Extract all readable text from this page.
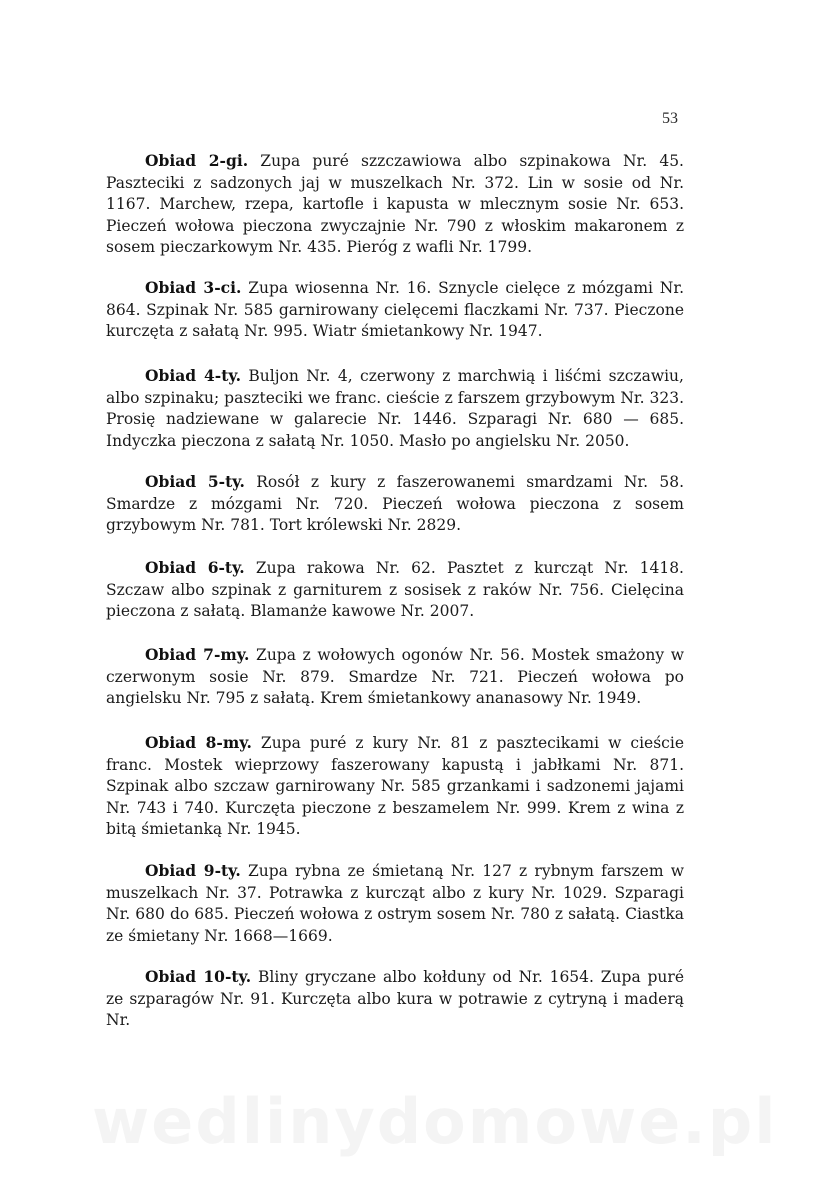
53
Obiad 2-gi. Zupa puré szzczawiowa albo szpinakowa Nr. 45. Paszteciki z sadzonych jaj w muszelkach Nr. 372. Lin w sosie od Nr. 1167. Marchew, rzepa, kartofle i kapusta w mlecznym sosie Nr. 653. Pieczeń wołowa pieczona zwyczajnie Nr. 790 z włoskim makaronem z sosem pieczarkowym Nr. 435. Pieróg z wafli Nr. 1799.
Obiad 3-ci. Zupa wiosenna Nr. 16. Sznycle cielęce z mózgami Nr. 864. Szpinak Nr. 585 garnirowany cielęcemi flaczkami Nr. 737. Pieczone kurczęta z sałatą Nr. 995. Wiatr śmietankowy Nr. 1947.
Obiad 4-ty. Buljon Nr. 4, czerwony z marchwią i liśćmi szczawiu, albo szpinaku; paszteciki we franc. cieście z farszem grzybowym Nr. 323. Prosię nadziewane w galarecie Nr. 1446. Szparagi Nr. 680 — 685. Indyczka pieczona z sałatą Nr. 1050. Masło po angielsku Nr. 2050.
Obiad 5-ty. Rosół z kury z faszerowanemi smardzami Nr. 58. Smardze z mózgami Nr. 720. Pieczeń wołowa pieczona z sosem grzybowym Nr. 781. Tort królewski Nr. 2829.
Obiad 6-ty. Zupa rakowa Nr. 62. Pasztet z kurcząt Nr. 1418. Szczaw albo szpinak z garniturem z sosisek z raków Nr. 756. Cielęcina pieczona z sałatą. Blamanże kawowe Nr. 2007.
Obiad 7-my. Zupa z wołowych ogonów Nr. 56. Mostek smażony w czerwonym sosie Nr. 879. Smardze Nr. 721. Pieczeń wołowa po angielsku Nr. 795 z sałatą. Krem śmietankowy ananasowy Nr. 1949.
Obiad 8-my. Zupa puré z kury Nr. 81 z pasztecikami w cieście franc. Mostek wieprzowy faszerowany kapustą i jabłkami Nr. 871. Szpinak albo szczaw garnirowany Nr. 585 grzankami i sadzonemi jajami Nr. 743 i 740. Kurczęta pieczone z beszamelem Nr. 999. Krem z wina z bitą śmietanką Nr. 1945.
Obiad 9-ty. Zupa rybna ze śmietaną Nr. 127 z rybnym farszem w muszelkach Nr. 37. Potrawka z kurcząt albo z kury Nr. 1029. Szparagi Nr. 680 do 685. Pieczeń wołowa z ostrym sosem Nr. 780 z sałatą. Ciastka ze śmietany Nr. 1668—1669.
Obiad 10-ty. Bliny gryczane albo kołduny od Nr. 1654. Zupa puré ze szparagów Nr. 91. Kurczęta albo kura w potrawie z cytryną i maderą Nr.
wedlinydomowe.pl
